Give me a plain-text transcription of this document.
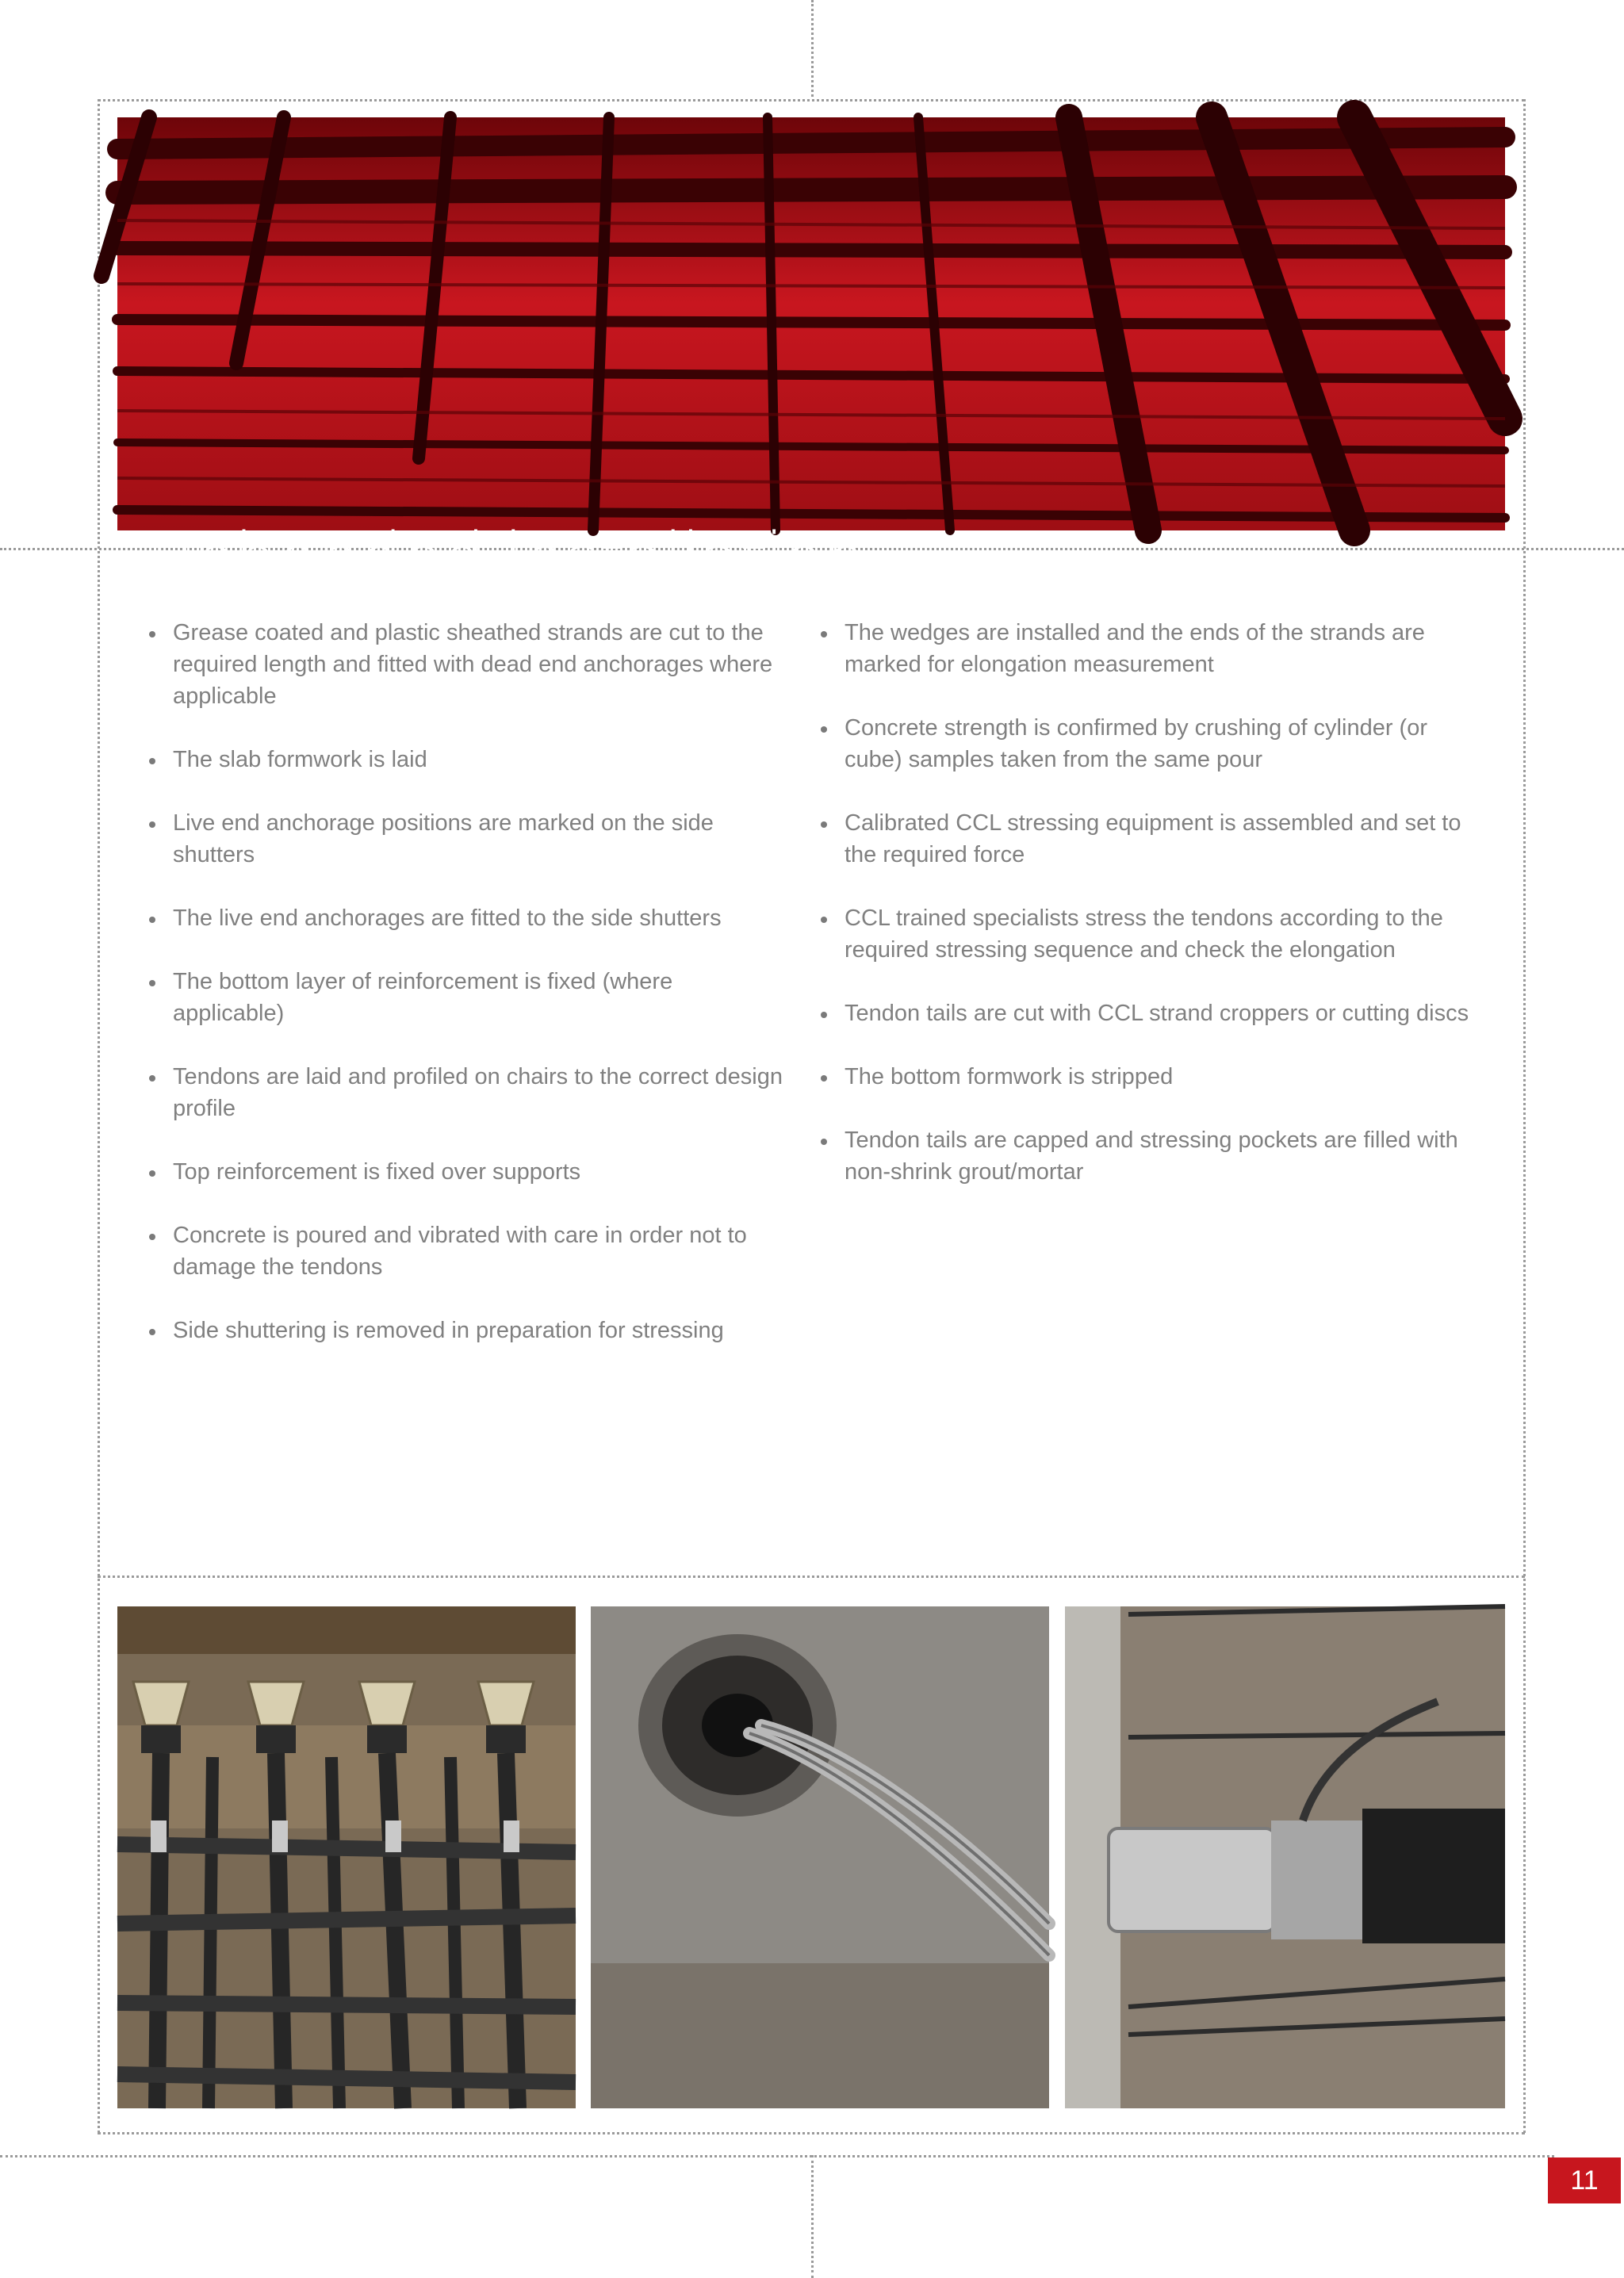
unbonded installation...
Grease coated and plastic sheathed strands are cut to the required length and fitted with dead end anchorages where applicable
The slab formwork is laid
Live end anchorage positions are marked on the side shutters
The live end anchorages are fitted to the side shutters
The bottom layer of reinforcement is fixed (where applicable)
Tendons are laid and profiled on chairs to the correct design profile
Top reinforcement is fixed over supports
Concrete is poured and vibrated with care in order not to damage the tendons
Side shuttering is removed in preparation for stressing
The wedges are installed and the ends of the strands are marked for elongation measurement
Concrete strength is confirmed by crushing of cylinder (or cube) samples taken from the same pour
Calibrated CCL stressing equipment is assembled and set to the required force
CCL trained specialists stress the tendons according to the required stressing sequence and check the elongation
Tendon tails are cut with CCL strand croppers or cutting discs
The bottom formwork is stripped
Tendon tails are capped and stressing pockets are filled with non-shrink grout/mortar
11
